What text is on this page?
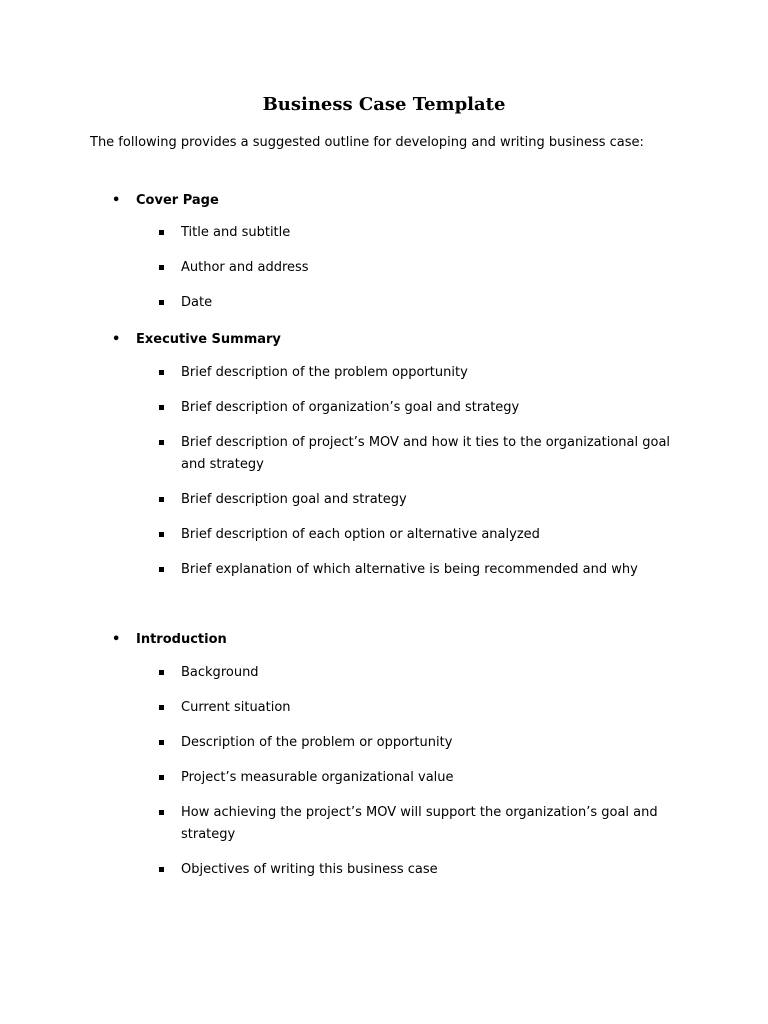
Business Case Template
The following provides a suggested outline for developing and writing business case:
• Cover Page
Title and subtitle
Author and address
Date
• Executive Summary
Brief description of the problem opportunity
Brief description of organization’s goal and strategy
Brief description of project’s MOV and how it ties to the organizational goal and strategy
Brief description goal and strategy
Brief description of each option or alternative analyzed
Brief explanation of which alternative is being recommended and why
• Introduction
Background
Current situation
Description of the problem or opportunity
Project’s measurable organizational value
How achieving the project’s MOV will support the organization’s goal and strategy
Objectives of writing this business case
